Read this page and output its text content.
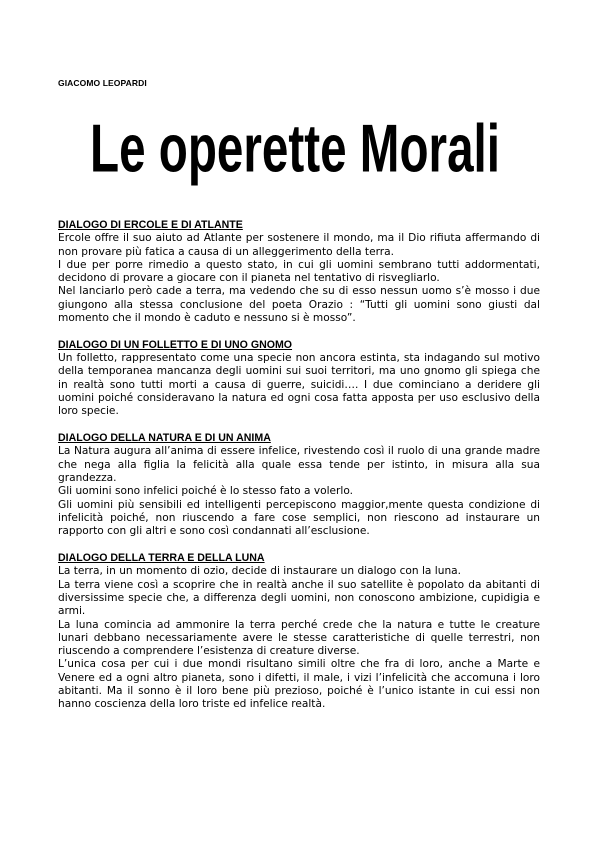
GIACOMO LEOPARDI
Le operette Morali

DIALOGO DI ERCOLE E DI ATLANTE

Ercole offre il suo aiuto ad Atlante per sostenere il mondo, ma il Dio rifiuta affermando di non provare più fatica a causa di un alleggerimento della terra.

I due per porre rimedio a questo stato, in cui gli uomini sembrano tutti addormentati, decidono di provare a giocare con il pianeta nel tentativo di risvegliarlo.

Nel lanciarlo però cade a terra, ma vedendo che su di esso nessun uomo s’è mosso i due giungono alla stessa conclusione del poeta Orazio : “Tutti gli uomini sono giusti dal momento che il mondo è caduto e nessuno si è mosso”.

DIALOGO DI UN FOLLETTO E DI UNO GNOMO

Un folletto, rappresentato come una specie non ancora estinta, sta indagando sul motivo della temporanea mancanza degli uomini sui suoi territori, ma uno gnomo gli spiega che in realtà sono tutti morti a causa di guerre, suicidi…. I due cominciano a deridere gli uomini poiché consideravano la natura ed ogni cosa fatta apposta per uso esclusivo della loro specie.

DIALOGO DELLA NATURA E DI UN ANIMA

La Natura augura all’anima di essere infelice, rivestendo così il ruolo di una grande madre che nega alla figlia la felicità alla quale essa tende per istinto, in misura alla sua grandezza.

Gli uomini sono infelici poiché è lo stesso fato a volerlo.

Gli uomini più sensibili ed intelligenti percepiscono maggior,mente questa condizione di infelicità poiché, non riuscendo a fare cose semplici, non riescono ad instaurare un rapporto con gli altri e sono così condannati all’esclusione.

DIALOGO DELLA TERRA E DELLA LUNA

La terra, in un momento di ozio, decide di instaurare un dialogo con la luna.

La terra viene così a scoprire che in realtà anche il suo satellite è popolato da abitanti di diversissime specie che, a differenza degli uomini, non conoscono ambizione, cupidigia e armi.

La luna comincia ad ammonire la terra perché crede che la natura e tutte le creature lunari debbano necessariamente avere le stesse caratteristiche di quelle terrestri, non riuscendo a comprendere l’esistenza di creature diverse.

L’unica cosa per cui i due mondi risultano simili oltre che fra di loro, anche a Marte e Venere ed a ogni altro pianeta, sono i difetti, il male, i vizi l’infelicità che accomuna i loro abitanti. Ma il sonno è il loro bene più prezioso, poiché è l’unico istante in cui essi non hanno coscienza della loro triste ed infelice realtà.
